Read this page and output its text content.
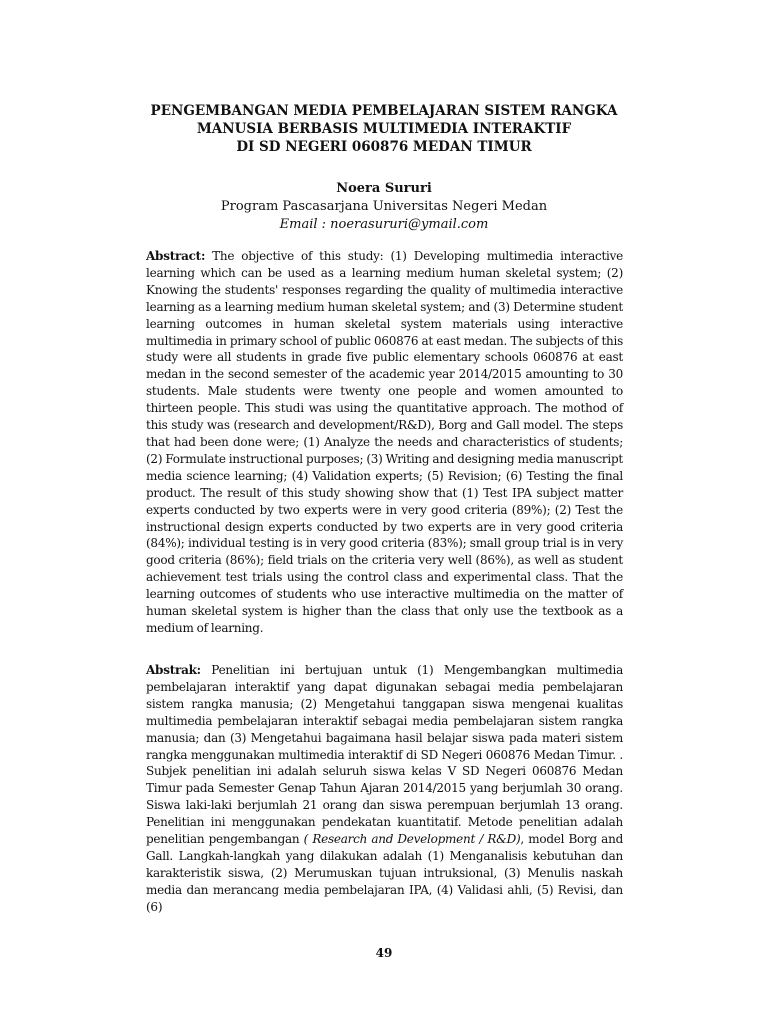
PENGEMBANGAN MEDIA PEMBELAJARAN SISTEM RANGKA
MANUSIA BERBASIS MULTIMEDIA INTERAKTIF
DI SD NEGERI 060876 MEDAN TIMUR
Noera Sururi
Program Pascasarjana Universitas Negeri Medan
Email : noerasururi@ymail.com

Abstract: The objective of this study: (1) Developing multimedia interactive learning which can be used as a learning medium human skeletal system; (2) Knowing the students' responses regarding the quality of multimedia interactive learning as a learning medium human skeletal system; and (3) Determine student learning outcomes in human skeletal system materials using interactive multimedia in primary school of public 060876 at east medan. The subjects of this study were all students in grade five public elementary schools 060876 at east medan in the second semester of the academic year 2014/2015 amounting to 30 students. Male students were twenty one people and women amounted to thirteen people. This studi was using the quantitative approach. The mothod of this study was (research and development/R&D), Borg and Gall model. The steps that had been done were; (1) Analyze the needs and characteristics of students; (2) Formulate instructional purposes; (3) Writing and designing media manuscript media science learning; (4) Validation experts; (5) Revision; (6) Testing the final product. The result of this study showing show that (1) Test IPA subject matter experts conducted by two experts were in very good criteria (89%); (2) Test the instructional design experts conducted by two experts are in very good criteria (84%); individual testing is in very good criteria (83%); small group trial is in very good criteria (86%); field trials on the criteria very well (86%), as well as student achievement test trials using the control class and experimental class. That the learning outcomes of students who use interactive multimedia on the matter of human skeletal system is higher than the class that only use the textbook as a medium of learning.

Abstrak: Penelitian ini bertujuan untuk (1) Mengembangkan multimedia pembelajaran interaktif yang dapat digunakan sebagai media pembelajaran sistem rangka manusia; (2) Mengetahui tanggapan siswa mengenai kualitas multimedia pembelajaran interaktif sebagai media pembelajaran sistem rangka manusia; dan (3) Mengetahui bagaimana hasil belajar siswa pada materi sistem rangka menggunakan multimedia interaktif di SD Negeri 060876 Medan Timur. . Subjek penelitian ini adalah seluruh siswa kelas V SD Negeri 060876 Medan Timur pada Semester Genap Tahun Ajaran 2014/2015 yang berjumlah 30 orang. Siswa laki-laki berjumlah 21 orang dan siswa perempuan berjumlah 13 orang. Penelitian ini menggunakan pendekatan kuantitatif. Metode penelitian adalah penelitian pengembangan ( Research and Development / R&D), model Borg and Gall. Langkah-langkah yang dilakukan adalah (1) Menganalisis kebutuhan dan karakteristik siswa, (2) Merumuskan tujuan intruksional, (3) Menulis naskah media dan merancang media pembelajaran IPA, (4) Validasi ahli, (5) Revisi, dan (6)

49
